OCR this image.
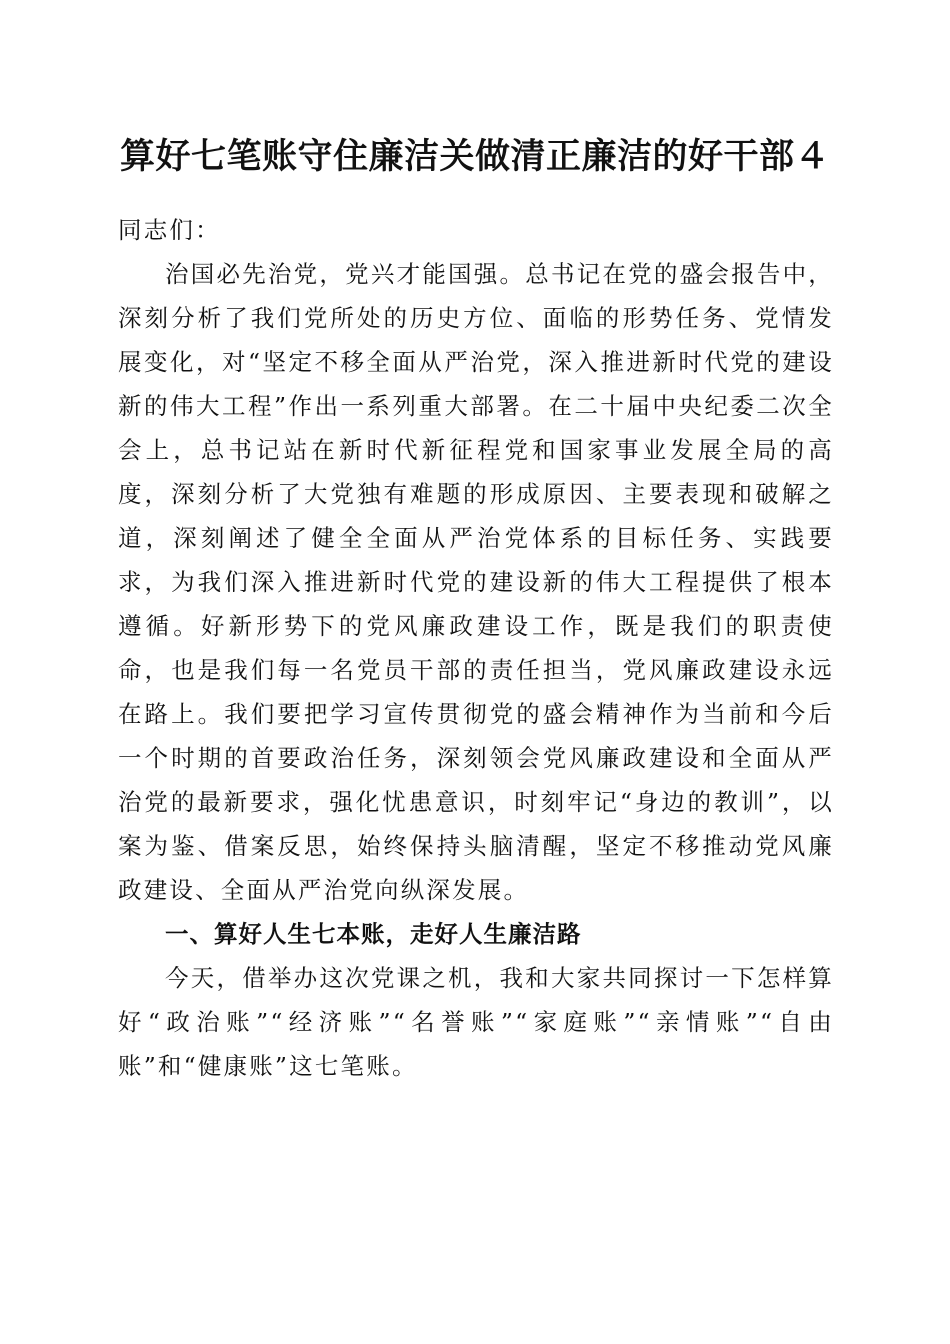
算好七笔账守住廉洁关做清正廉洁的好干部４

同志们：

治国必先治党，党兴才能国强。总书记在党的盛会报告中，深刻分析了我们党所处的历史方位、面临的形势任务、党情发展变化，对“坚定不移全面从严治党，深入推进新时代党的建设新的伟大工程”作出一系列重大部署。在二十届中央纪委二次全会上，总书记站在新时代新征程党和国家事业发展全局的高度，深刻分析了大党独有难题的形成原因、主要表现和破解之道，深刻阐述了健全全面从严治党体系的目标任务、实践要求，为我们深入推进新时代党的建设新的伟大工程提供了根本遵循。好新形势下的党风廉政建设工作，既是我们的职责使命，也是我们每一名党员干部的责任担当，党风廉政建设永远在路上。我们要把学习宣传贯彻党的盛会精神作为当前和今后一个时期的首要政治任务，深刻领会党风廉政建设和全面从严治党的最新要求，强化忧患意识，时刻牢记“身边的教训”，以案为鉴、借案反思，始终保持头脑清醒，坚定不移推动党风廉政建设、全面从严治党向纵深发展。

一、算好人生七本账，走好人生廉洁路

今天，借举办这次党课之机，我和大家共同探讨一下怎样算好“政治账”“经济账”“名誉账”“家庭账”“亲情账”“自由账”和“健康账”这七笔账。
